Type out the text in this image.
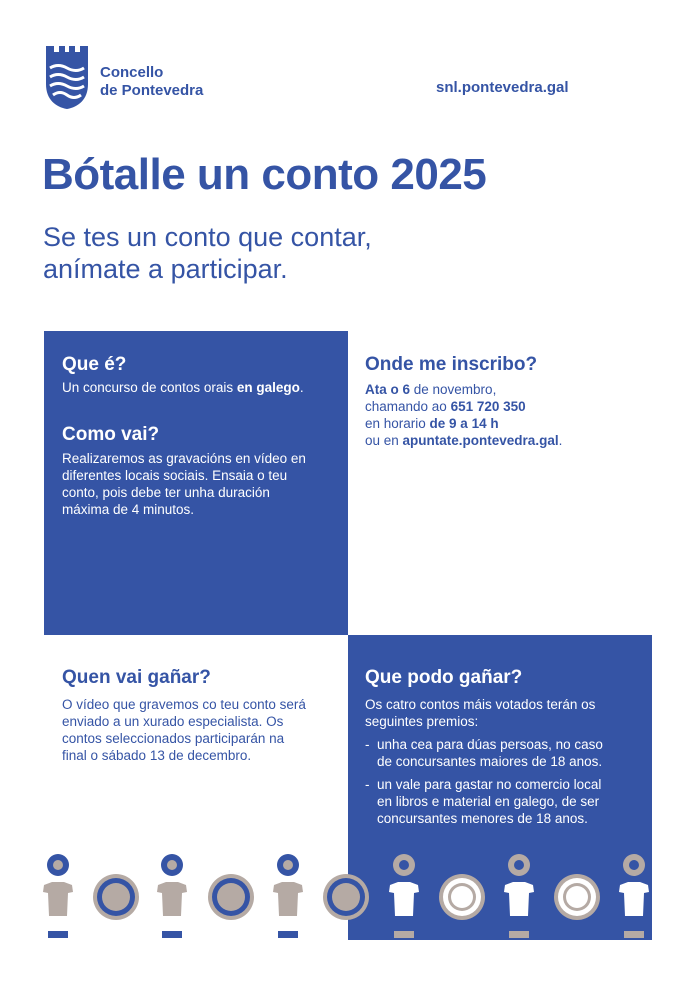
Concello
de Pontevedra	snl.pontevedra.gal
Bótalle un conto 2025
Se tes un conto que contar,
anímate a participar.
Que é?
Un concurso de contos orais en galego.
Como vai?
Realizaremos as gravacións en vídeo en
diferentes locais sociais. Ensaia o teu
conto, pois debe ter unha duración
máxima de 4 minutos.
Onde me inscribo?
Ata o 6 de novembro,
chamando ao 651 720 350
en horario de 9 a 14 h
ou en apuntate.pontevedra.gal.
Quen vai gañar?
O vídeo que gravemos co teu conto será
enviado a un xurado especialista. Os
contos seleccionados participarán na
final o sábado 13 de decembro.
Que podo gañar?
Os catro contos máis votados terán os
seguintes premios:
- unha cea para dúas persoas, no caso
de concursantes maiores de 18 anos.
- un vale para gastar no comercio local
en libros e material en galego, de ser
concursantes menores de 18 anos.
